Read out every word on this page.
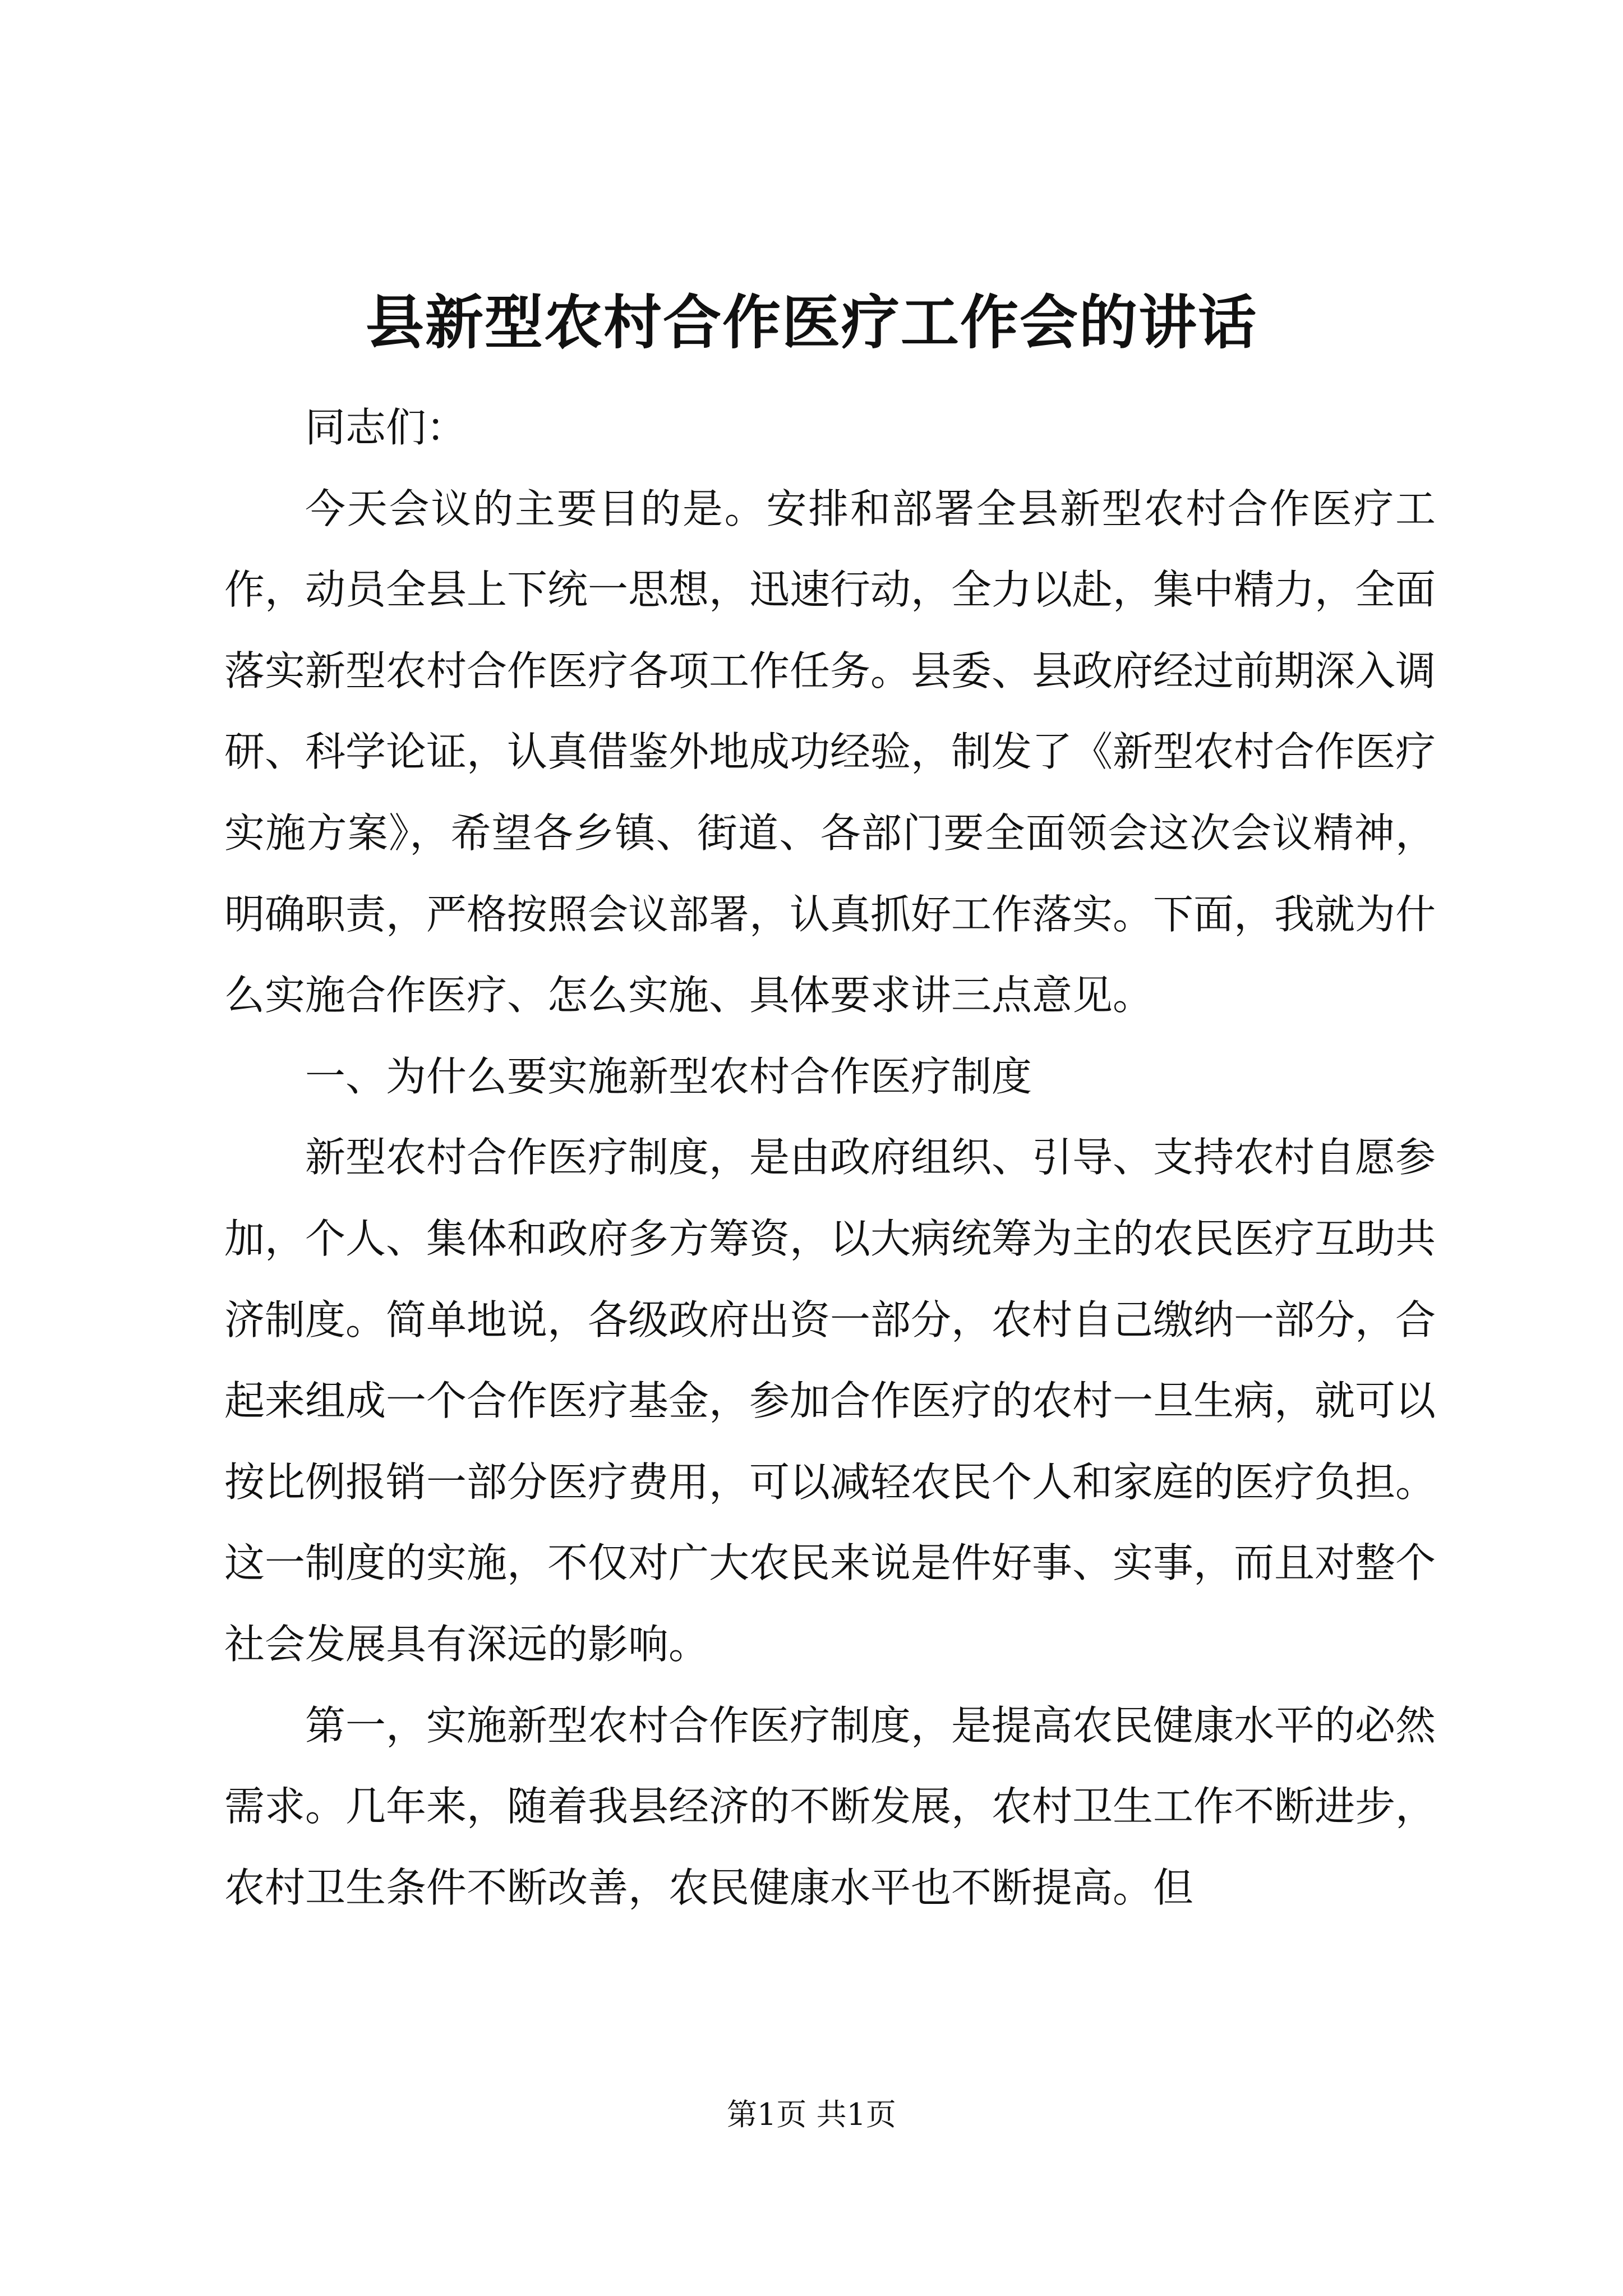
县新型农村合作医疗工作会的讲话

同志们：

今天会议的主要目的是。安排和部署全县新型农村合作医疗工作，动员全县上下统一思想，迅速行动，全力以赴，集中精力，全面落实新型农村合作医疗各项工作任务。县委、县政府经过前期深入调研、科学论证，认真借鉴外地成功经验，制发了《新型农村合作医疗实施方案》，希望各乡镇、街道、各部门要全面领会这次会议精神，明确职责，严格按照会议部署，认真抓好工作落实。下面，我就为什么实施合作医疗、怎么实施、具体要求讲三点意见。

一、为什么要实施新型农村合作医疗制度

新型农村合作医疗制度，是由政府组织、引导、支持农村自愿参加，个人、集体和政府多方筹资，以大病统筹为主的农民医疗互助共济制度。简单地说，各级政府出资一部分，农村自己缴纳一部分，合起来组成一个合作医疗基金，参加合作医疗的农村一旦生病，就可以按比例报销一部分医疗费用，可以减轻农民个人和家庭的医疗负担。这一制度的实施，不仅对广大农民来说是件好事、实事，而且对整个社会发展具有深远的影响。

第一，实施新型农村合作医疗制度，是提高农民健康水平的必然需求。几年来，随着我县经济的不断发展，农村卫生工作不断进步，农村卫生条件不断改善，农民健康水平也不断提高。但

第1页 共1页
